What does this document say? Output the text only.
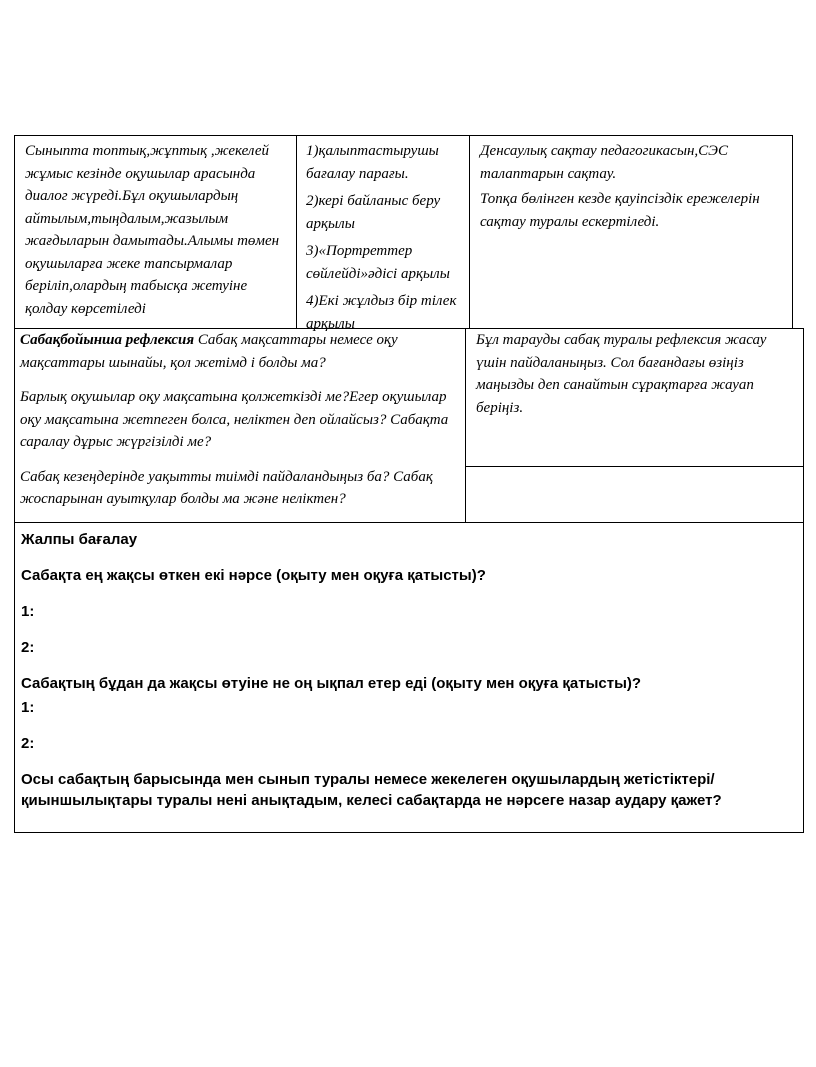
Сыныпта топтық,жұптық ,жекелей жұмыс кезінде оқушылар арасында диалог жүреді.Бұл оқушылардың айтылым,тыңдалым,жазылым жағдыларын дамытады.Алымы төмен оқушыларға жеке тапсырмалар беріліп,олардың табысқа жетуіне қолдау көрсетіледі

1)қалыптастырушы бағалау парағы.

2)кері байланыс беру арқылы

3)«Портреттер сөйлейді»әдісі арқылы

4)Екі жұлдыз бір тілек арқылы

Денсаулық сақтау педагогикасын,СЭС талаптарын сақтау.

Топқа бөлінген кезде қауіпсіздік ережелерін сақтау туралы ескертіледі.

Сабақбойынша рефлексия Сабақ мақсаттары немесе оқу мақсаттары шынайы, қол жетімд і болды ма?

Барлық оқушылар оқу мақсатына қолжеткізді ме?Егер оқушылар оқу мақсатына жетпеген болса, неліктен деп ойлайсыз? Сабақта саралау дұрыс жүргізілді ме?

Сабақ кезеңдерінде уақытты тиімді пайдаландыңыз ба? Сабақ жоспарынан ауытқулар болды ма және неліктен?

Бұл тарауды сабақ туралы рефлексия жасау үшін пайдаланыңыз. Сол бағандағы өзіңіз маңызды деп санайтын сұрақтарға жауап беріңіз.

Жалпы бағалау

Сабақта ең жақсы өткен екі нәрсе (оқыту мен оқуға қатысты)?

1:

2:

Сабақтың бұдан да жақсы өтуіне не оң ықпал етер еді (оқыту мен оқуға қатысты)?

1:

2:

Осы сабақтың барысында мен сынып туралы немесе жекелеген оқушылардың жетістіктері/ қиыншылықтары туралы нені анықтадым, келесі сабақтарда не нәрсеге назар аудару қажет?
